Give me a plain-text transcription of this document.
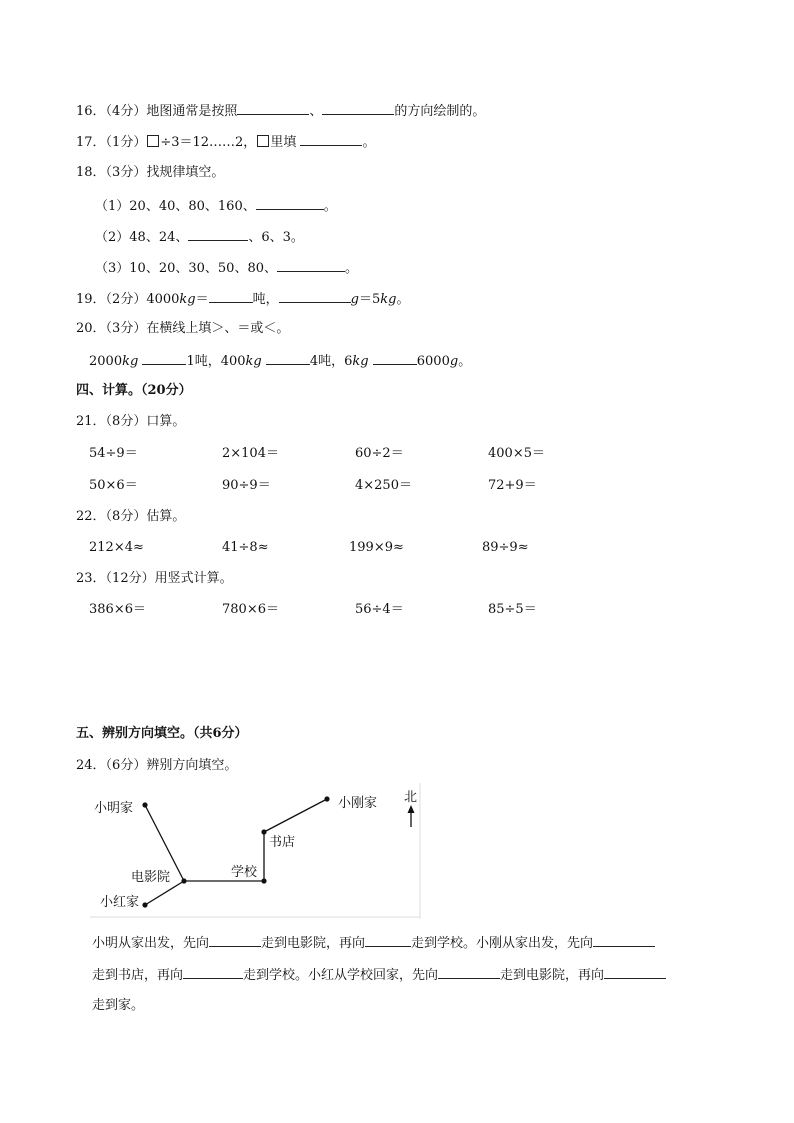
16．（4分）地图通常是按照	、	的方向绘制的。
17．（1分） ÷3＝12……2， 里填	。
18．（3分）找规律填空。
（1）20、40、80、160、	。
（2）48、24、	、6、3。
（3）10、20、30、50、80、	。
19．（2分）4000kg＝	吨，	g＝5kg。
20．（3分）在横线上填＞、＝或＜。
2000kg	1吨，400kg	4吨，6kg	6000g。
四、计算。（20分）
21．（8分）口算。
54÷9＝	2×104＝	60÷2＝	400×5＝
50×6＝	90÷9＝	4×250＝	72+9＝
22．（8分）估算。
212×4≈	41÷8≈	199×9≈	89÷9≈
23．（12分）用竖式计算。
386×6＝	780×6＝	56÷4＝	85÷5＝
五、辨别方向填空。（共6分）
24．（6分）辨别方向填空。
小明家	小刚家
书店
学校
电影院
小红家
北
小明从家出发，先向	走到电影院，再向	走到学校。小刚从家出发，先向
走到书店，再向	走到学校。小红从学校回家，先向	走到电影院，再向
走到家。
